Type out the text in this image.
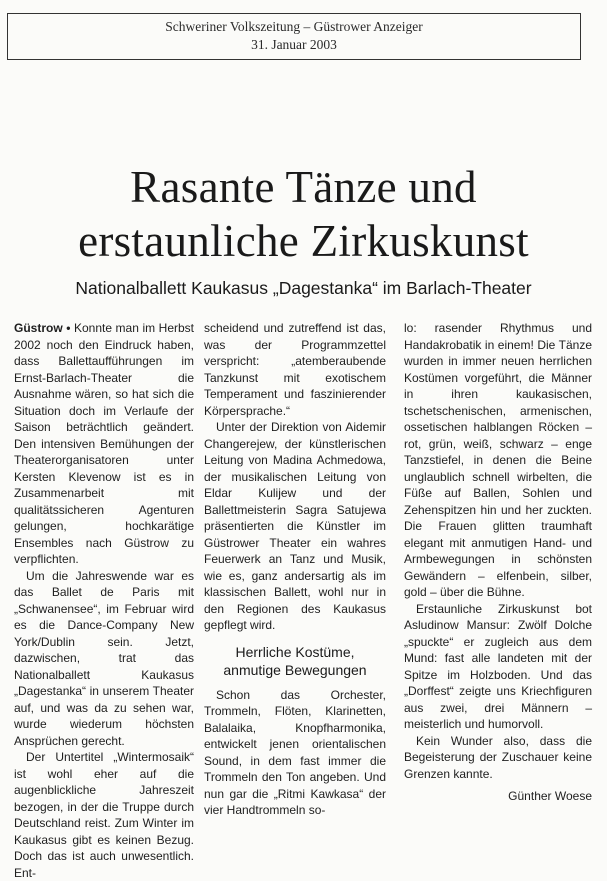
Schweriner Volkszeitung – Güstrower Anzeiger
31. Januar 2003
Rasante Tänze und
erstaunliche Zirkuskunst
Nationalballett Kaukasus „Dagestanka“ im Barlach-Theater

Güstrow • Konnte man im Herbst 2002 noch den Eindruck haben, dass Ballettaufführungen im Ernst-Barlach-Theater die Ausnahme wären, so hat sich die Situation doch im Verlaufe der Saison beträchtlich geändert. Den intensiven Bemühungen der Theaterorganisatoren unter Kersten Klevenow ist es in Zusammenarbeit mit qualitätssicheren Agenturen gelungen, hochkarätige Ensembles nach Güstrow zu verpflichten.

Um die Jahreswende war es das Ballet de Paris mit „Schwanensee“, im Februar wird es die Dance-Company New York/Dublin sein. Jetzt, dazwischen, trat das Nationalballett Kaukasus „Dagestanka“ in unserem Theater auf, und was da zu sehen war, wurde wiederum höchsten Ansprüchen gerecht.

Der Untertitel „Wintermosaik“ ist wohl eher auf die augenblickliche Jahreszeit bezogen, in der die Truppe durch Deutschland reist. Zum Winter im Kaukasus gibt es keinen Bezug. Doch das ist auch unwesentlich. Ent-

scheidend und zutreffend ist das, was der Programmzettel verspricht: „atemberaubende Tanzkunst mit exotischem Temperament und faszinierender Körpersprache.“

Unter der Direktion von Aidemir Changerejew, der künstlerischen Leitung von Madina Achmedowa, der musikalischen Leitung von Eldar Kulijew und der Ballettmeisterin Sagra Satujewa präsentierten die Künstler im Güstrower Theater ein wahres Feuerwerk an Tanz und Musik, wie es, ganz andersartig als im klassischen Ballett, wohl nur in den Regionen des Kaukasus gepflegt wird.

Herrliche Kostüme,
anmutige Bewegungen

Schon das Orchester, Trommeln, Flöten, Klarinetten, Balalaika, Knopfharmonika, entwickelt jenen orientalischen Sound, in dem fast immer die Trommeln den Ton angeben. Und nun gar die „Ritmi Kawkasa“ der vier Handtrommeln so-

lo: rasender Rhythmus und Handakrobatik in einem! Die Tänze wurden in immer neuen herrlichen Kostümen vorgeführt, die Männer in ihren kaukasischen, tschetschenischen, armenischen, ossetischen halblangen Röcken – rot, grün, weiß, schwarz – enge Tanzstiefel, in denen die Beine unglaublich schnell wirbelten, die Füße auf Ballen, Sohlen und Zehenspitzen hin und her zuckten. Die Frauen glitten traumhaft elegant mit anmutigen Hand- und Armbewegungen in schönsten Gewändern – elfenbein, silber, gold – über die Bühne.

Erstaunliche Zirkuskunst bot Asludinow Mansur: Zwölf Dolche „spuckte“ er zugleich aus dem Mund: fast alle landeten mit der Spitze im Holzboden. Und das „Dorffest“ zeigte uns Kriechfiguren aus zwei, drei Männern – meisterlich und humorvoll.

Kein Wunder also, dass die Begeisterung der Zuschauer keine Grenzen kannte.

Günther Woese
